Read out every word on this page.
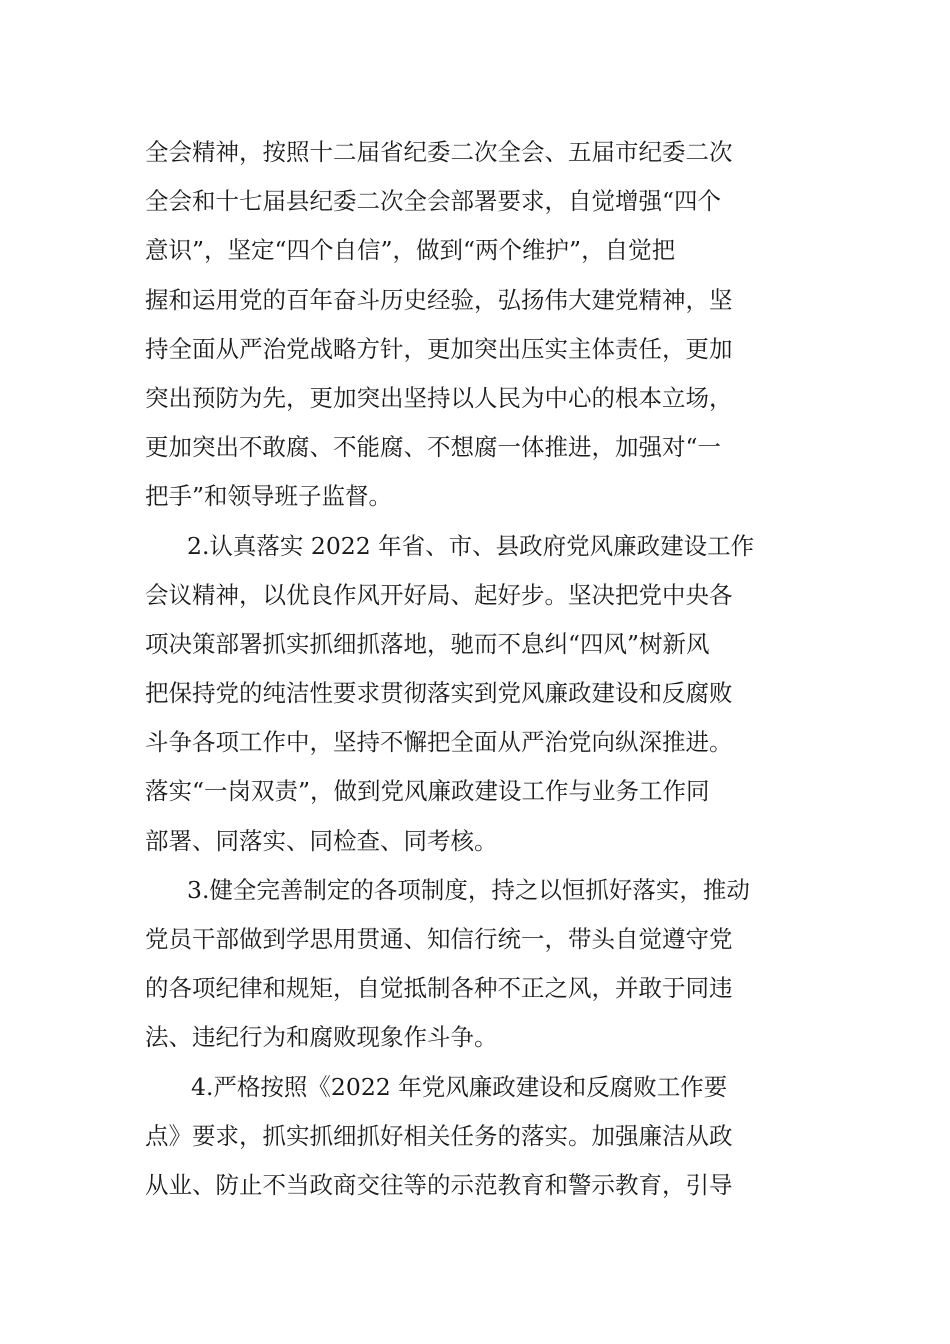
全会精神，按照十二届省纪委二次全会、五届市纪委二次
全会和十七届县纪委二次全会部署要求，自觉增强“四个
意识”，坚定“四个自信”，做到“两个维护”，自觉把
握和运用党的百年奋斗历史经验，弘扬伟大建党精神，坚
持全面从严治党战略方针，更加突出压实主体责任，更加
突出预防为先，更加突出坚持以人民为中心的根本立场，
更加突出不敢腐、不能腐、不想腐一体推进，加强对“一
把手”和领导班子监督。
2.认真落实 2022 年省、市、县政府党风廉政建设工作
会议精神，以优良作风开好局、起好步。坚决把党中央各
项决策部署抓实抓细抓落地，驰而不息纠“四风”树新风
把保持党的纯洁性要求贯彻落实到党风廉政建设和反腐败
斗争各项工作中，坚持不懈把全面从严治党向纵深推进。
落实“一岗双责”，做到党风廉政建设工作与业务工作同
部署、同落实、同检查、同考核。
3.健全完善制定的各项制度，持之以恒抓好落实，推动
党员干部做到学思用贯通、知信行统一，带头自觉遵守党
的各项纪律和规矩，自觉抵制各种不正之风，并敢于同违
法、违纪行为和腐败现象作斗争。
4.严格按照《2022 年党风廉政建设和反腐败工作要
点》要求，抓实抓细抓好相关任务的落实。加强廉洁从政
从业、防止不当政商交往等的示范教育和警示教育，引导
